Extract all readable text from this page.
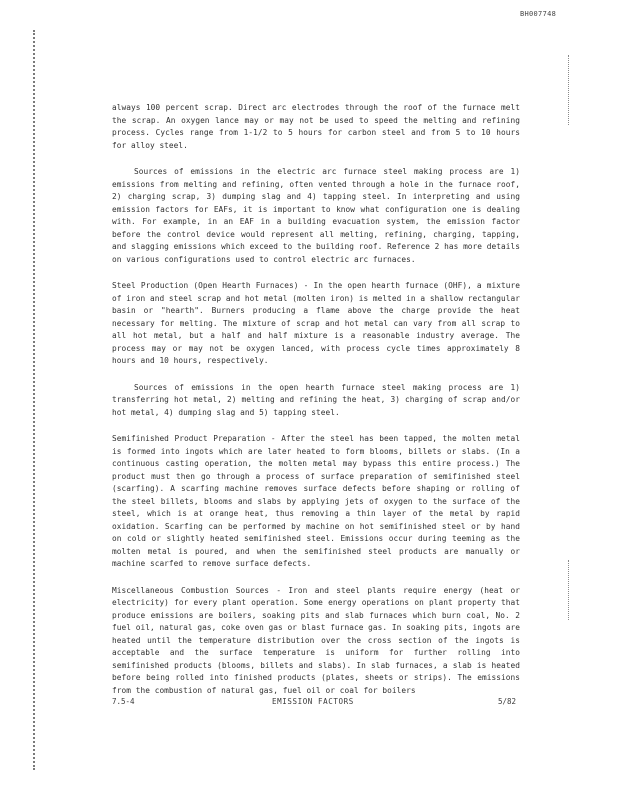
BH007748

always 100 percent scrap. Direct arc electrodes through the roof of the furnace melt the scrap. An oxygen lance may or may not be used to speed the melting and refining process. Cycles range from 1-1/2 to 5 hours for carbon steel and from 5 to 10 hours for alloy steel.

Sources of emissions in the electric arc furnace steel making process are 1) emissions from melting and refining, often vented through a hole in the furnace roof, 2) charging scrap, 3) dumping slag and 4) tapping steel. In interpreting and using emission factors for EAFs, it is important to know what configuration one is dealing with. For example, in an EAF in a building evacuation system, the emission factor before the control device would represent all melting, refining, charging, tapping, and slagging emissions which exceed to the building roof. Reference 2 has more details on various configurations used to control electric arc furnaces.

Steel Production (Open Hearth Furnaces) - In the open hearth furnace (OHF), a mixture of iron and steel scrap and hot metal (molten iron) is melted in a shallow rectangular basin or "hearth". Burners producing a flame above the charge provide the heat necessary for melting. The mixture of scrap and hot metal can vary from all scrap to all hot metal, but a half and half mixture is a reasonable industry average. The process may or may not be oxygen lanced, with process cycle times approximately 8 hours and 10 hours, respectively.

Sources of emissions in the open hearth furnace steel making process are 1) transferring hot metal, 2) melting and refining the heat, 3) charging of scrap and/or hot metal, 4) dumping slag and 5) tapping steel.

Semifinished Product Preparation - After the steel has been tapped, the molten metal is formed into ingots which are later heated to form blooms, billets or slabs. (In a continuous casting operation, the molten metal may bypass this entire process.) The product must then go through a process of surface preparation of semifinished steel (scarfing). A scarfing machine removes surface defects before shaping or rolling of the steel billets, blooms and slabs by applying jets of oxygen to the surface of the steel, which is at orange heat, thus removing a thin layer of the metal by rapid oxidation. Scarfing can be performed by machine on hot semifinished steel or by hand on cold or slightly heated semifinished steel. Emissions occur during teeming as the molten metal is poured, and when the semifinished steel products are manually or machine scarfed to remove surface defects.

Miscellaneous Combustion Sources - Iron and steel plants require energy (heat or electricity) for every plant operation. Some energy operations on plant property that produce emissions are boilers, soaking pits and slab furnaces which burn coal, No. 2 fuel oil, natural gas, coke oven gas or blast furnace gas. In soaking pits, ingots are heated until the temperature distribution over the cross section of the ingots is acceptable and the surface temperature is uniform for further rolling into semifinished products (blooms, billets and slabs). In slab furnaces, a slab is heated before being rolled into finished products (plates, sheets or strips). The emissions from the combustion of natural gas, fuel oil or coal for boilers

7.5-4	EMISSION FACTORS	5/82
